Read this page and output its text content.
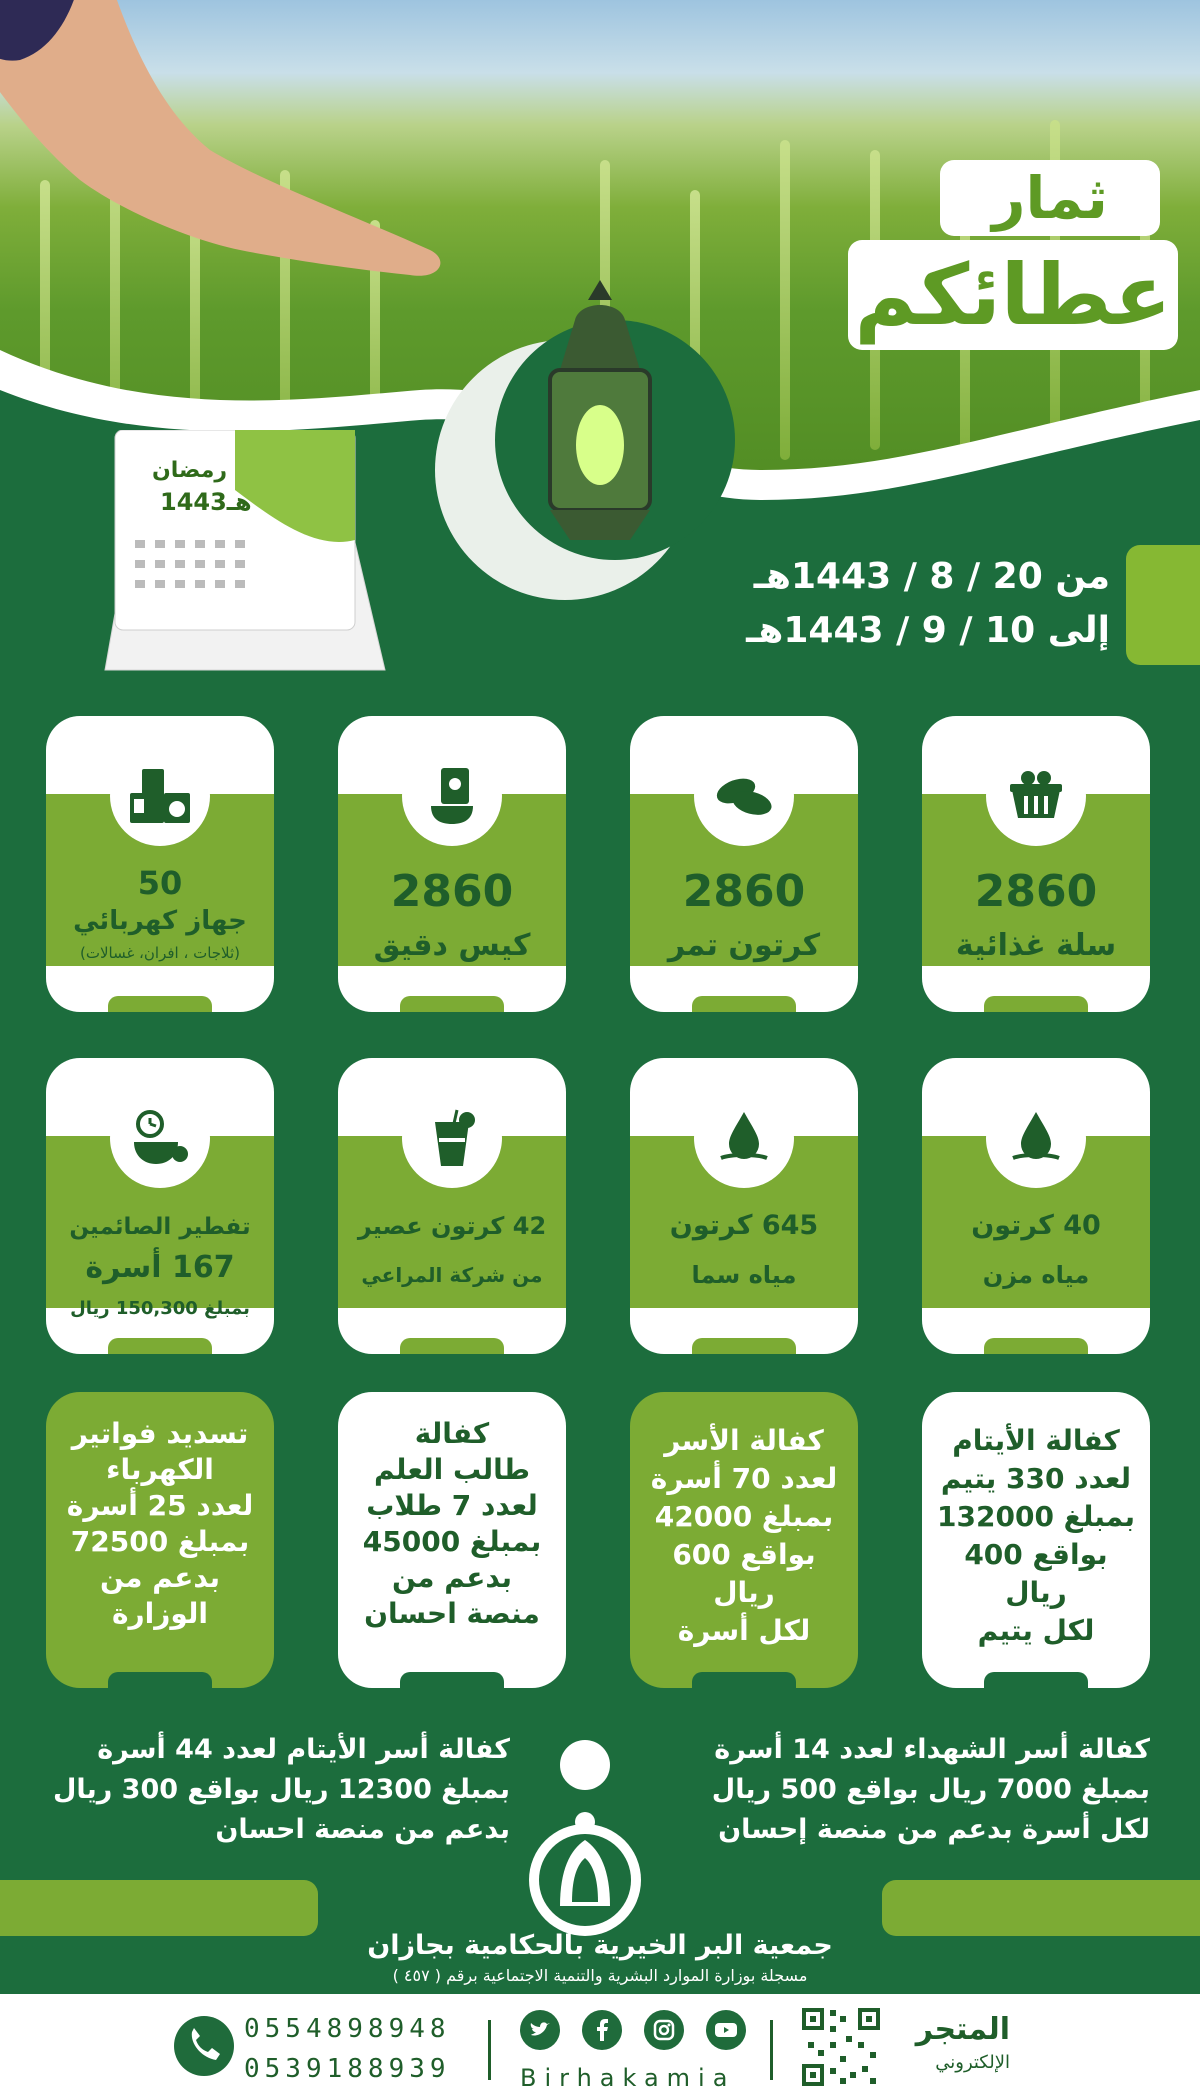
ثمار
عطائكم
رمضان
1443هـ
من 20 / 8 / 1443هـ
إلى 10 / 9 / 1443هـ
2860
سلة غذائية
2860
كرتون تمر
2860
كيس دقيق
50
جهاز كهربائي
(ثلاجات ، افران، غسالات)
40 كرتون
مياه مزن
645 كرتون
مياه سما
42 كرتون عصير
من شركة المراعي
تفطير الصائمين
167 أسرة
بمبلغ 150,300 ريال
كفالة الأيتام
لعدد 330 يتيم
بمبلغ 132000
بواقع 400 ريال
لكل يتيم
كفالة الأسر
لعدد 70 أسرة
بمبلغ 42000
بواقع 600 ريال
لكل أسرة
كفالة
طالب العلم
لعدد 7 طلاب
بمبلغ 45000
بدعم من
منصة احسان
تسديد فواتير
الكهرباء
لعدد 25 أسرة
بمبلغ 72500
بدعم من
الوزارة
كفالة أسر الشهداء لعدد 14 أسرة
بمبلغ 7000 ريال بواقع 500 ريال
لكل أسرة بدعم من منصة إحسان
كفالة أسر الأيتام لعدد 44 أسرة
بمبلغ 12300 ريال بواقع 300 ريال
بدعم من منصة احسان
جمعية البر الخيرية بالحكامية بجازان
مسجلة بوزارة الموارد البشرية والتنمية الاجتماعية برقم ( ٤٥٧ )
0554898948
0539188939	Birhakamia
المتجر
الإلكتروني
